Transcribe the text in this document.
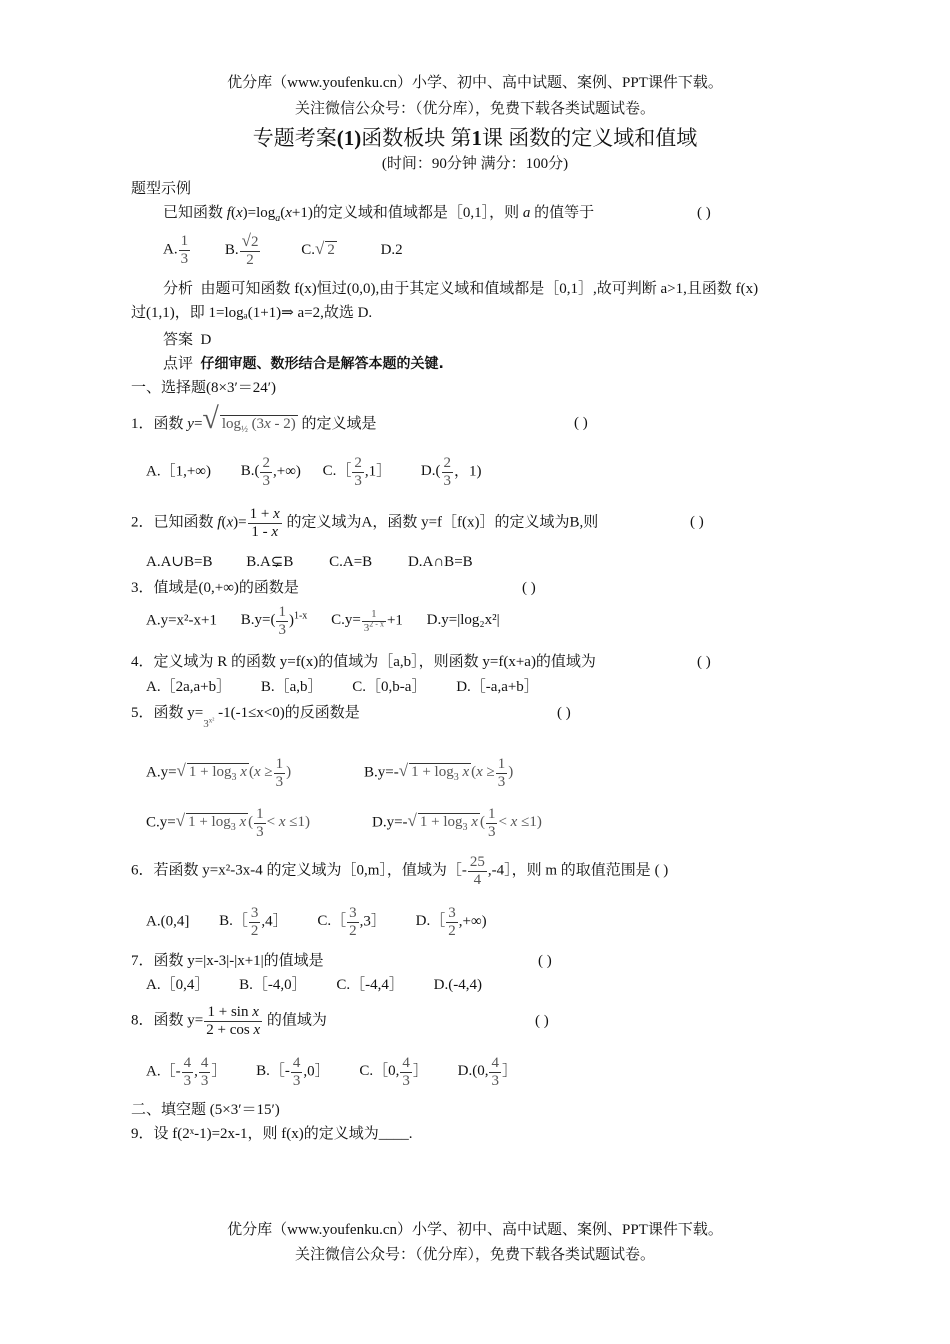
优分库（www.youfenku.cn）小学、初中、高中试题、案例、PPT课件下载。
关注微信公众号：（优分库），免费下载各类试题试卷。
专题考案(1)函数板块 第1课 函数的定义域和值域
(时间：90分钟 满分：100分)
题型示例
已知函数 $f(x)=\log_a(x+1)$的定义域和值域都是［0,1］，则 a 的值等于	( )
A. $\frac{1}{3} B$. $\frac{√2}{2}$	C.√ 2	D.2
分析 由题可知函数 f(x)恒过(0,0),由于其定义域和值域都是［0,1］,故可判断 a>1,且函数 f(x)
过(1,1)，即 1=logₐ(1+1)⇒ a=2,故选 D.
答案 D
点评 仔细审题、数形结合是解答本题的关键.
一、选择题(8×3′＝24′)
1．函数 y=√ $\log_{\frac{1}{2}} (3x - 2)$ 的定义域是	( )
A.［1,+∞) $B.( \frac{2}{3}$ ,+∞) C.［ $\frac{2}{3}$ ,1］ $D.( \frac{2}{3}$ ，1)
2．已知函数 $f(x)= \frac{1 + x}{1 - x}$ 的定义域为A，函数 y=f［f(x)］的定义域为B,则	( )
A.A∪B=B B.A⊊B C.A=B D.A∩B=B
3．值域是(0,+∞)的函数是	( )
A.y=x²-x+1 $B.y=( \frac{1}{3} )^{1-x}$ $C.y= \frac{1}{3^{2 - x}} +1$ D.y=|log₂x²|
4．定义域为 R 的函数 y=f(x)的值域为［a,b］，则函数 y=f(x+a)的值域为	( )
A.［2a,a+b］ B.［a,b］ C.［0,b-a］ D.［-a,a+b］
5．函数 $y=_{3^{x^2}}$ -1(-1≤x<0)的反函数是	( )
A.y=√ $1 + \log_3 x$ ($x \ge \frac{1}{3}$ )	B.y=-√ $1 + \log_3 x$ ($x \ge \frac{1}{3}$ )
C.y=√ $1 + \log_3 x$ ( $\frac{1}{3} < x \le 1$)	D.y=-√ $1 + \log_3 x$ ( $\frac{1}{3} < x \le 1$)
6．若函数 y=x²-3x-4 的定义域为［0,m］，值域为［- $\frac{25}{4}$ ,-4］，则 m 的取值范围是 ( )
A.(0,4] B.［ $\frac{3}{2}$ ,4］ C.［ $\frac{3}{2}$ ,3］ D.［ $\frac{3}{2}$ ,+∞)
7．函数 y=|x-3|-|x+1|的值域是	( )
A.［0,4］ B.［-4,0］ C.［-4,4］ D.(-4,4)
8．函数 $y= \frac{\text{1 + sin x}}{\text{2 + cos x}}$ 的值域为	( )
A.［- $\frac{4}{3}$ , $\frac{4}{3}$ ］ B.［- $\frac{4}{3}$ ,0］ C.［0, $\frac{4}{3}$ ］ D.(0, $\frac{4}{3}$ ］
二、填空题 (5×3′＝15′)
9．设 f(2ˣ-1)=2x-1，则 f(x)的定义域为____.
优分库（www.youfenku.cn）小学、初中、高中试题、案例、PPT课件下载。
关注微信公众号：（优分库），免费下载各类试题试卷。
